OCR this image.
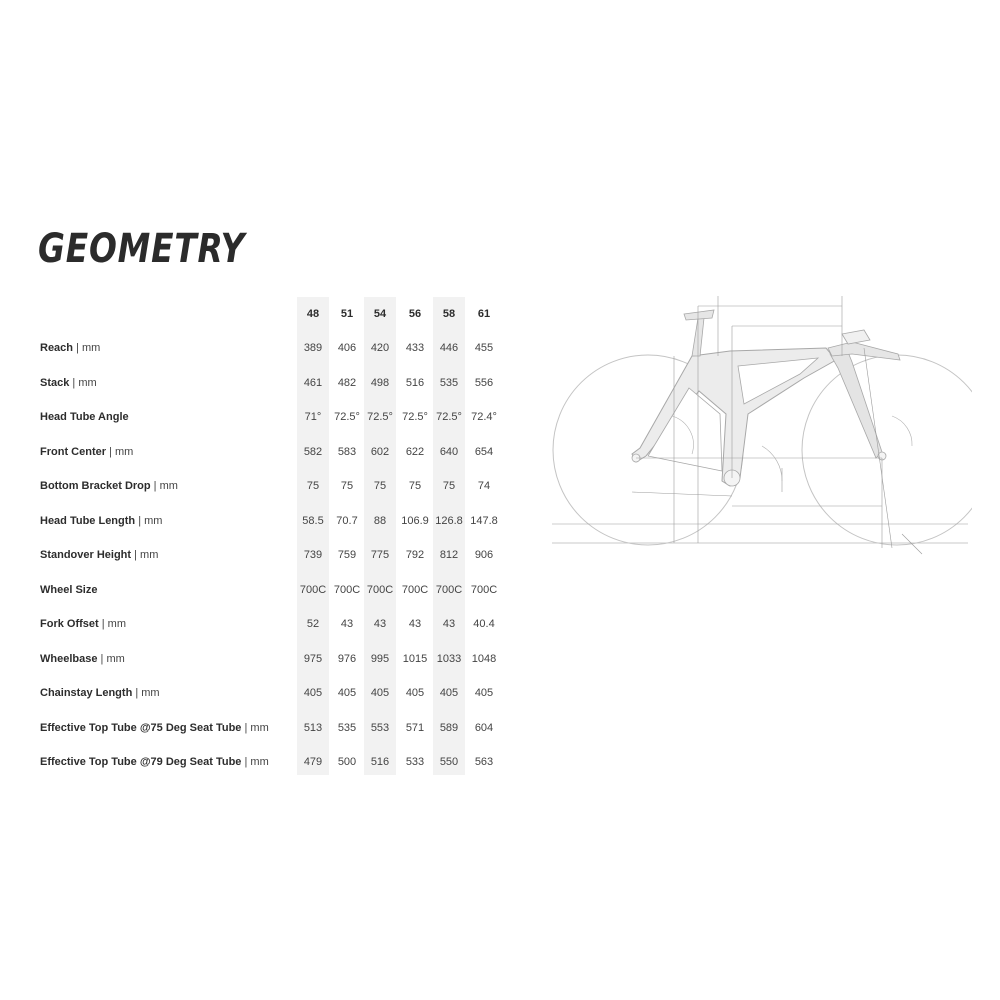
GEOMETRY
48	51	54	56	58	61
Reach | mm	389	406	420	433	446	455
Stack | mm	461	482	498	516	535	556
Head Tube Angle	71°	72.5° 72.5° 72.5° 72.5° 72.4°
Front Center | mm	582	583	602	622	640	654
Bottom Bracket Drop | mm	75	75	75	75	75	74
Head Tube Length | mm	58.5	70.7	88	106.9 126.8 147.8
Standover Height | mm	739	759	775	792	812	906
Wheel Size	700C 700C 700C 700C 700C 700C
Fork Offset | mm	52	43	43	43	43	40.4
Wheelbase | mm	975	976	995	1015 1033 1048
Chainstay Length | mm	405	405	405	405	405	405
Effective Top Tube @75 Deg Seat Tube | mm	513	535	553	571	589	604
Effective Top Tube @79 Deg Seat Tube | mm	479	500	516	533	550	563
